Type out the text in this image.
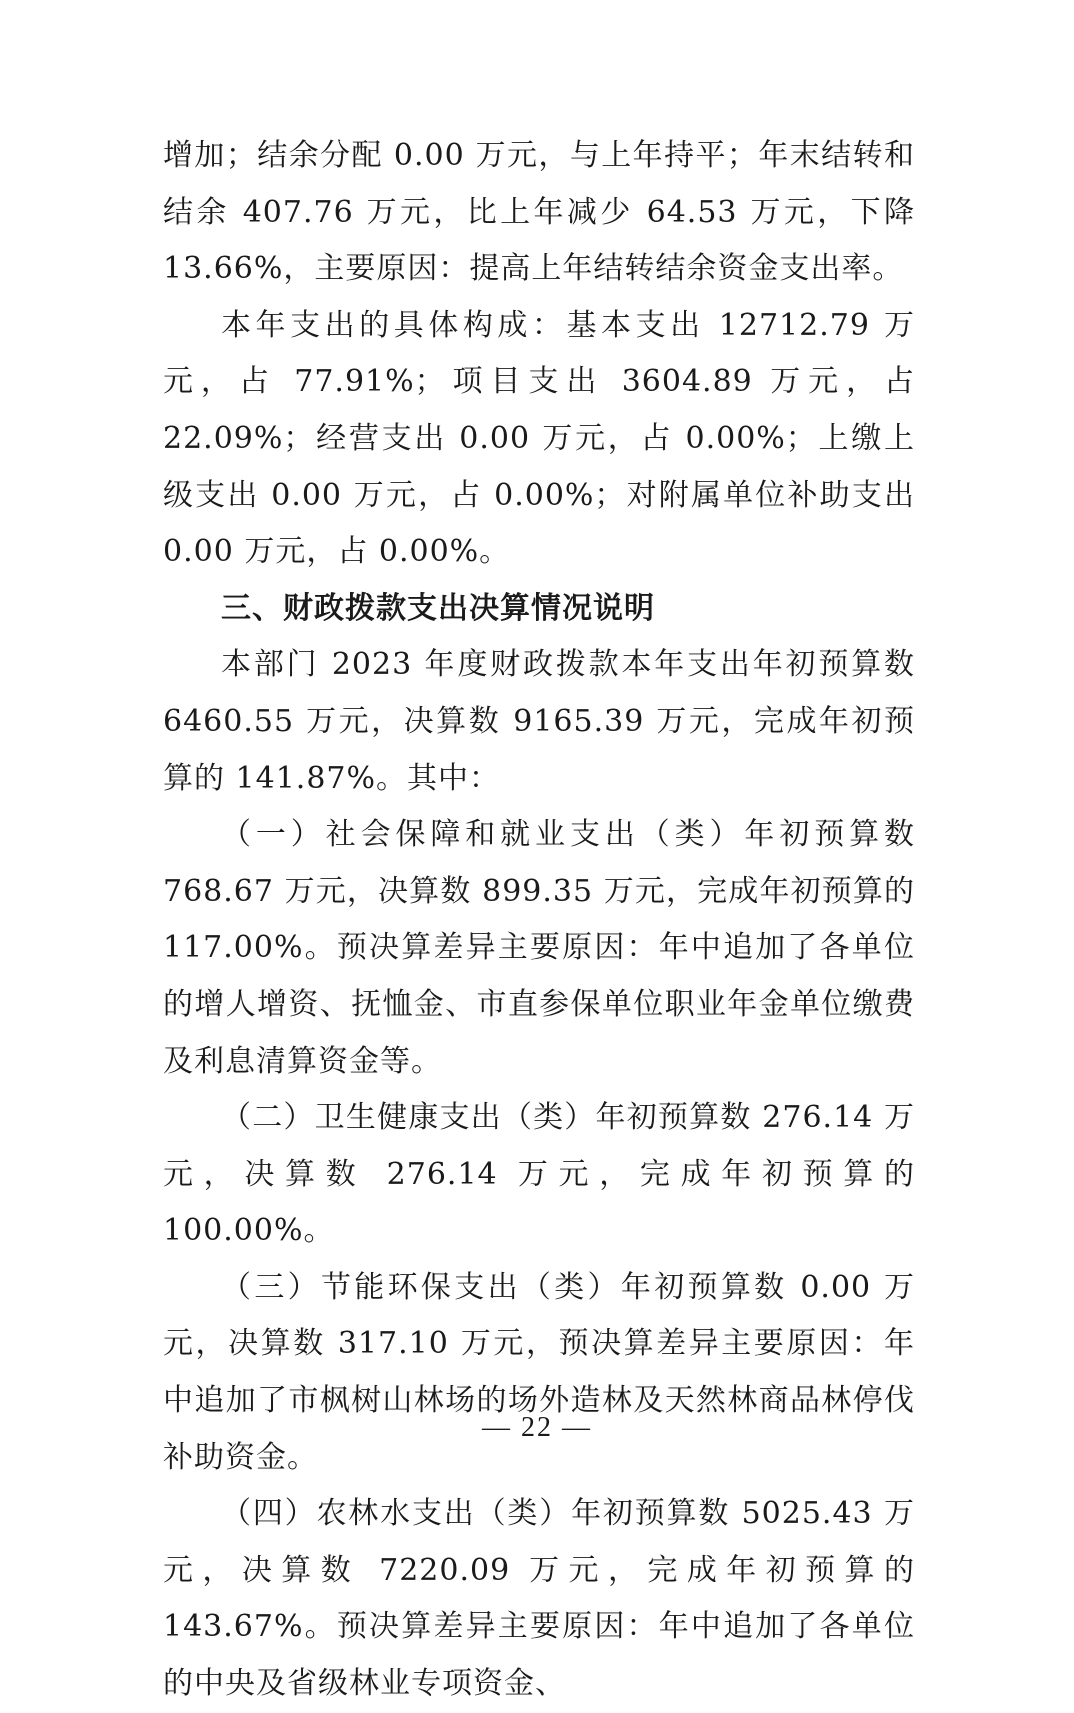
增加；结余分配 0.00 万元，与上年持平；年末结转和结余 407.76 万元，比上年减少 64.53 万元，下降 13.66%，主要原因：提高上年结转结余资金支出率。

本年支出的具体构成：基本支出 12712.79 万元，占 77.91%；项目支出 3604.89 万元，占 22.09%；经营支出 0.00 万元，占 0.00%；上缴上级支出 0.00 万元，占 0.00%；对附属单位补助支出 0.00 万元，占 0.00%。

三、财政拨款支出决算情况说明

本部门 2023 年度财政拨款本年支出年初预算数 6460.55 万元，决算数 9165.39 万元，完成年初预算的 141.87%。其中：

（一）社会保障和就业支出（类）年初预算数 768.67 万元，决算数 899.35 万元，完成年初预算的 117.00%。预决算差异主要原因：年中追加了各单位的增人增资、抚恤金、市直参保单位职业年金单位缴费及利息清算资金等。

（二）卫生健康支出（类）年初预算数 276.14 万元，决算数 276.14 万元，完成年初预算的 100.00%。

（三）节能环保支出（类）年初预算数 0.00 万元，决算数 317.10 万元，预决算差异主要原因：年中追加了市枫树山林场的场外造林及天然林商品林停伐补助资金。

（四）农林水支出（类）年初预算数 5025.43 万元，决算数 7220.09 万元，完成年初预算的 143.67%。预决算差异主要原因：年中追加了各单位的中央及省级林业专项资金、

— 22 —
